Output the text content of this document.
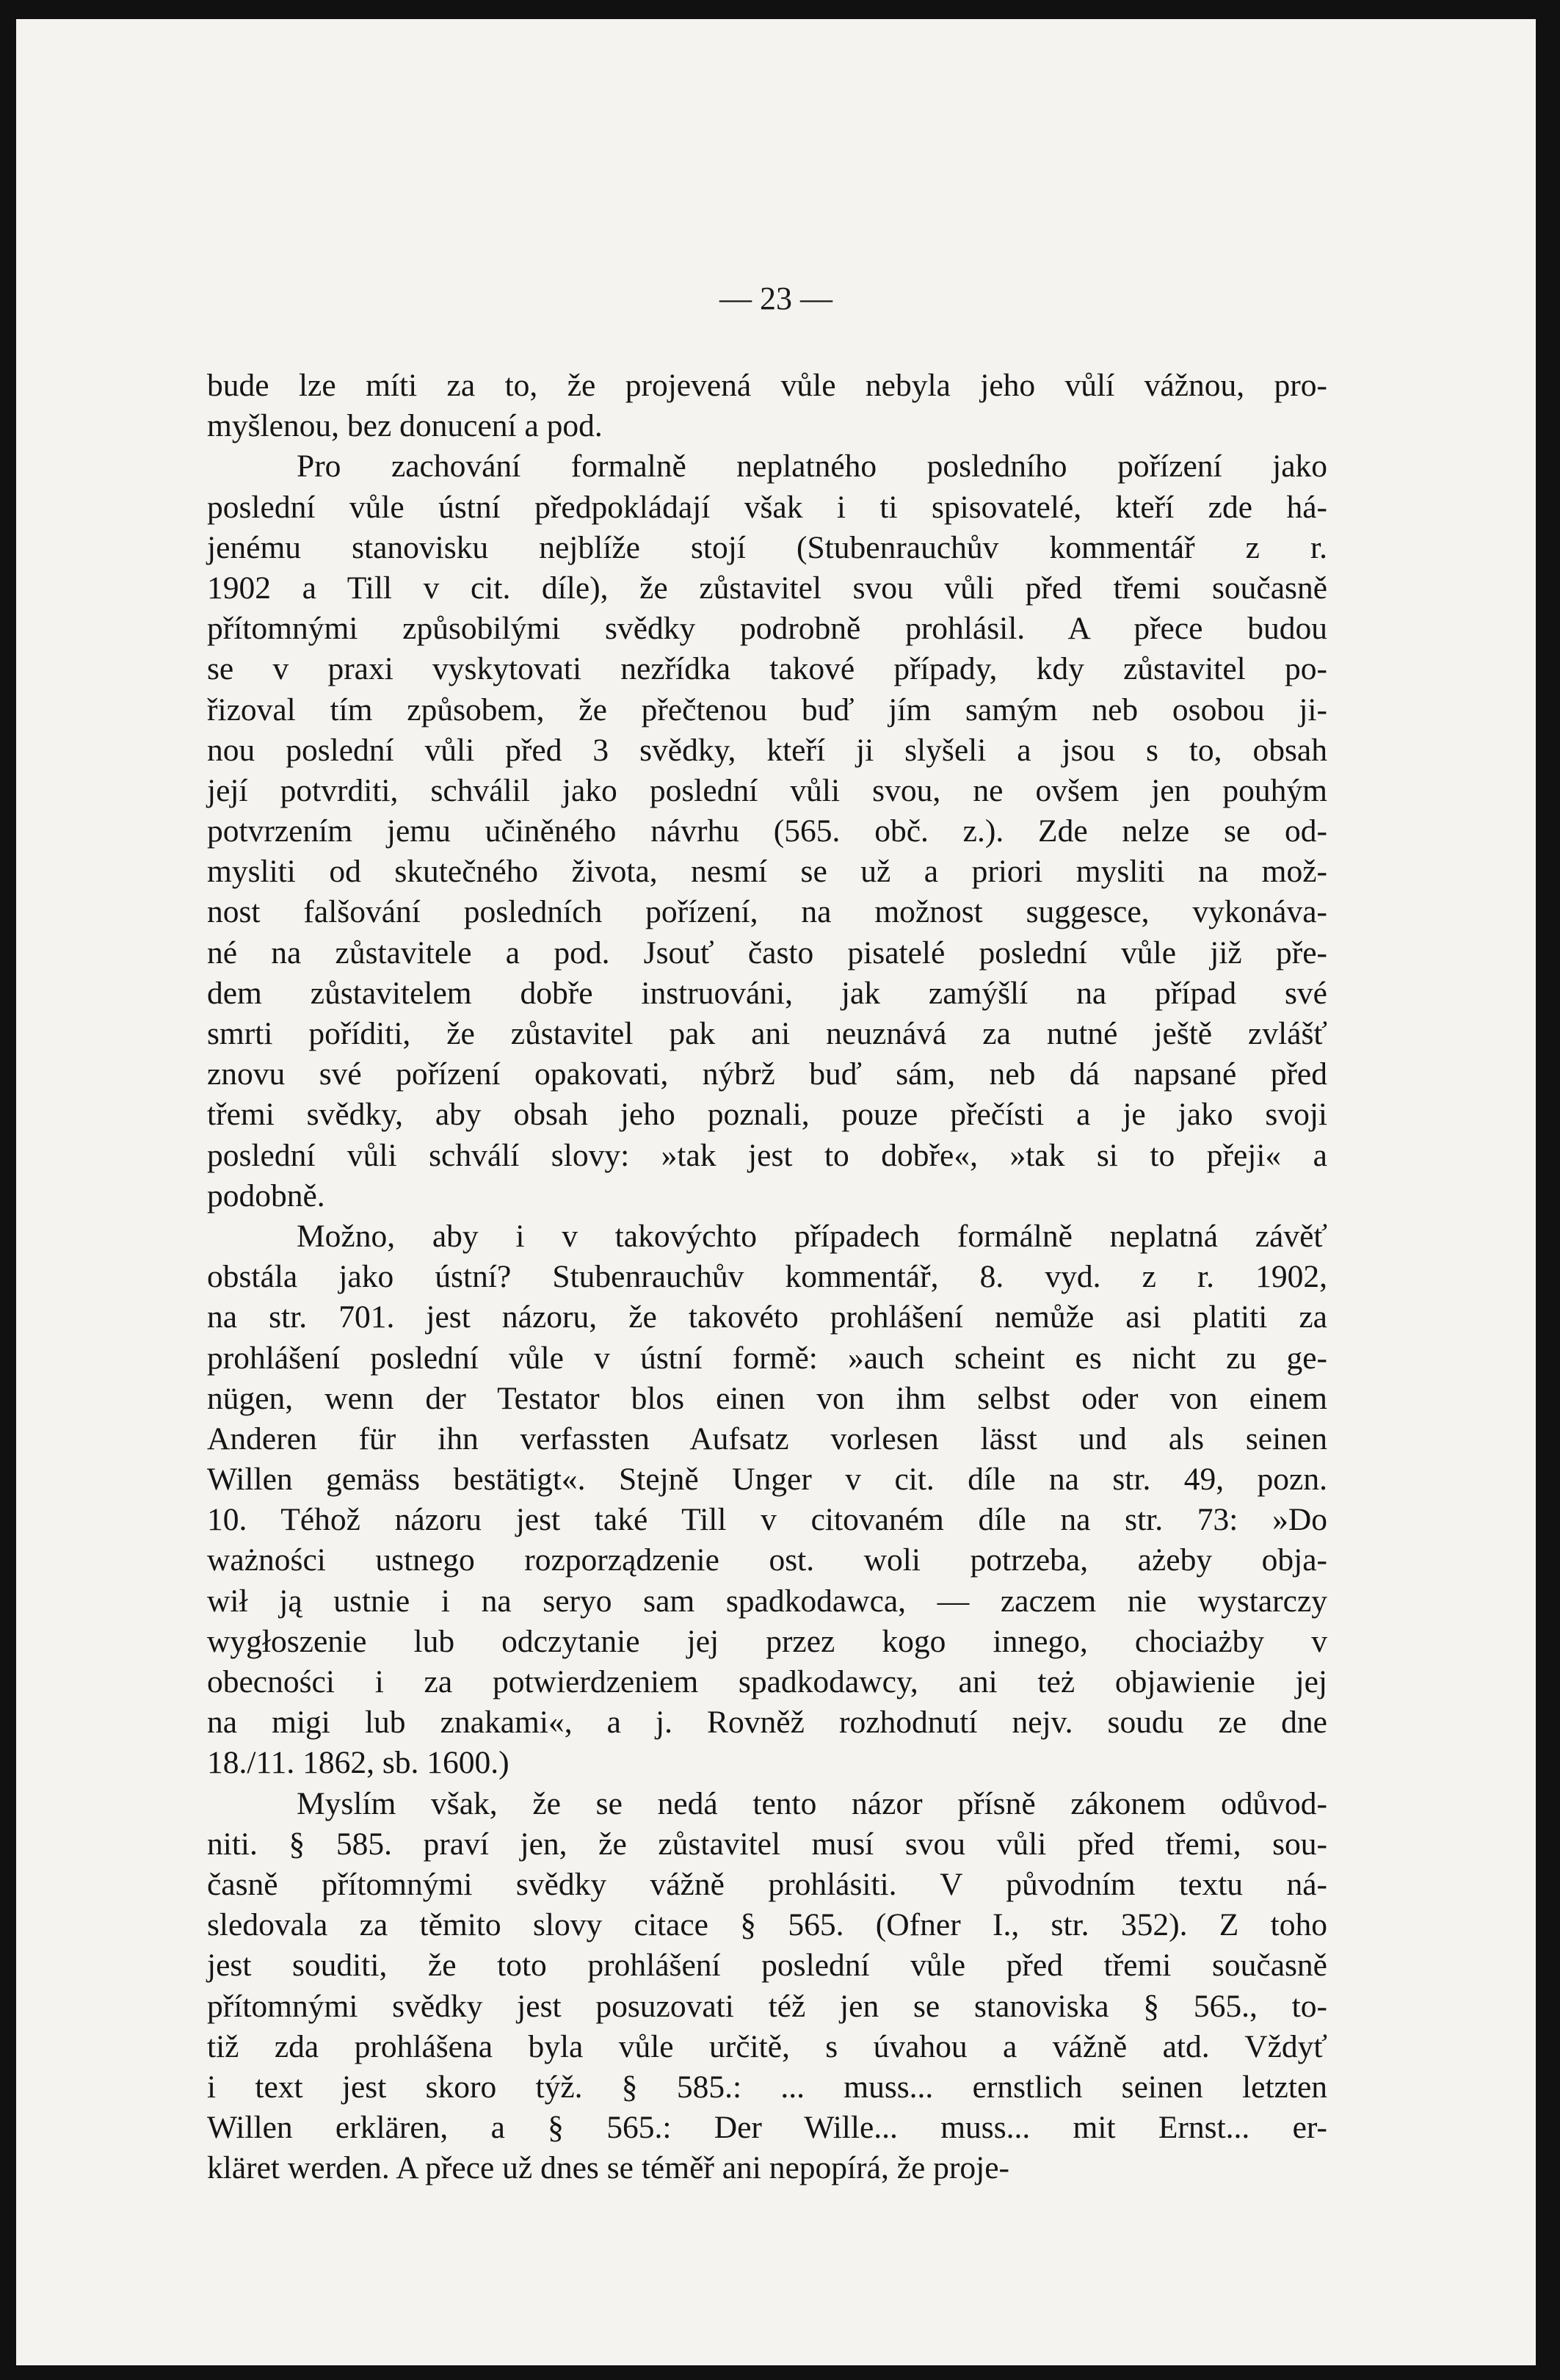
— 23 —
bude lze míti za to, že projevená vůle nebyla jeho vůlí vážnou, pro-
myšlenou, bez donucení a pod.
Pro zachování formalně neplatného posledního pořízení jako
poslední vůle ústní předpokládají však i ti spisovatelé, kteří zde há-
jenému stanovisku nejblíže stojí (Stubenrauchův kommentář z r.
1902 a Till v cit. díle), že zůstavitel svou vůli před třemi současně
přítomnými způsobilými svědky podrobně prohlásil. A přece budou
se v praxi vyskytovati nezřídka takové případy, kdy zůstavitel po-
řizoval tím způsobem, že přečtenou buď jím samým neb osobou ji-
nou poslední vůli před 3 svědky, kteří ji slyšeli a jsou s to, obsah
její potvrditi, schválil jako poslední vůli svou, ne ovšem jen pouhým
potvrzením jemu učiněného návrhu (565. obč. z.). Zde nelze se od-
mysliti od skutečného života, nesmí se už a priori mysliti na mož-
nost falšování posledních pořízení, na možnost suggesce, vykonáva-
né na zůstavitele a pod. Jsouť často pisatelé poslední vůle již pře-
dem zůstavitelem dobře instruováni, jak zamýšlí na případ své
smrti poříditi, že zůstavitel pak ani neuznává za nutné ještě zvlášť
znovu své pořízení opakovati, nýbrž buď sám, neb dá napsané před
třemi svědky, aby obsah jeho poznali, pouze přečísti a je jako svoji
poslední vůli schválí slovy: »tak jest to dobře«, »tak si to přeji« a
podobně.
Možno, aby i v takovýchto případech formálně neplatná závěť
obstála jako ústní? Stubenrauchův kommentář, 8. vyd. z r. 1902,
na str. 701. jest názoru, že takovéto prohlášení nemůže asi platiti za
prohlášení poslední vůle v ústní formě: »auch scheint es nicht zu ge-
nügen, wenn der Testator blos einen von ihm selbst oder von einem
Anderen für ihn verfassten Aufsatz vorlesen lässt und als seinen
Willen gemäss bestätigt«. Stejně Unger v cit. díle na str. 49, pozn.
10. Téhož názoru jest také Till v citovaném díle na str. 73: »Do
ważności ustnego rozporządzenie ost. woli potrzeba, ażeby obja-
wił ją ustnie i na seryo sam spadkodawca, — zaczem nie wystarczy
wygłoszenie lub odczytanie jej przez kogo innego, chociażby v
obecności i za potwierdzeniem spadkodawcy, ani też objawienie jej
na migi lub znakami«, a j. Rovněž rozhodnutí nejv. soudu ze dne
18./11. 1862, sb. 1600.)
Myslím však, že se nedá tento názor přísně zákonem odůvod-
niti. § 585. praví jen, že zůstavitel musí svou vůli před třemi, sou-
časně přítomnými svědky vážně prohlásiti. V původním textu ná-
sledovala za těmito slovy citace § 565. (Ofner I., str. 352). Z toho
jest souditi, že toto prohlášení poslední vůle před třemi současně
přítomnými svědky jest posuzovati též jen se stanoviska § 565., to-
tiž zda prohlášena byla vůle určitě, s úvahou a vážně atd. Vždyť
i text jest skoro týž. § 585.: ... muss... ernstlich seinen letzten
Willen erklären, a § 565.: Der Wille... muss... mit Ernst... er-
kläret werden. A přece už dnes se téměř ani nepopírá, že proje-
